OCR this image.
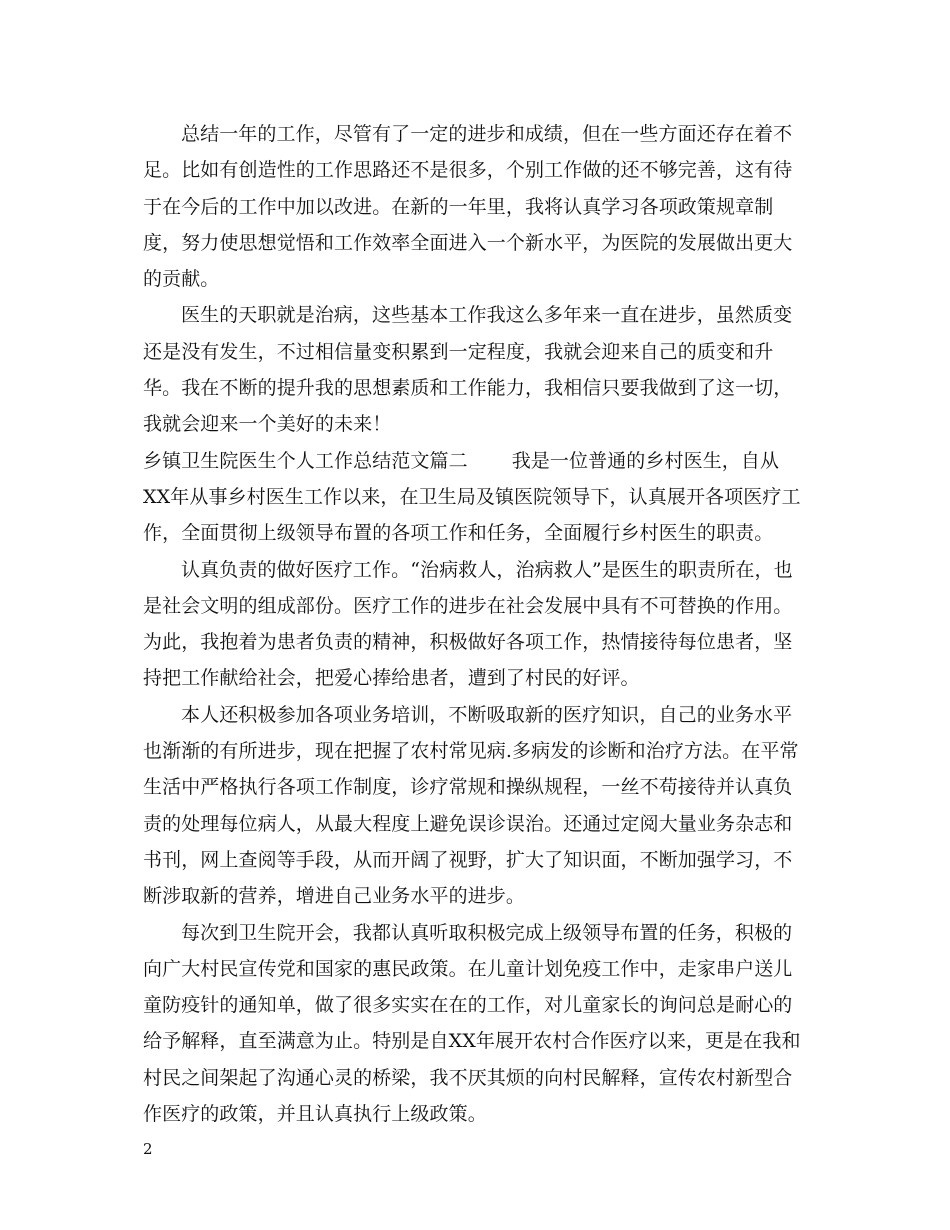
总结一年的工作，尽管有了一定的进步和成绩，但在一些方面还存在着不足。比如有创造性的工作思路还不是很多，个别工作做的还不够完善，这有待于在今后的工作中加以改进。在新的一年里，我将认真学习各项政策规章制度，努力使思想觉悟和工作效率全面进入一个新水平，为医院的发展做出更大的贡献。

医生的天职就是治病，这些基本工作我这么多年来一直在进步，虽然质变还是没有发生，不过相信量变积累到一定程度，我就会迎来自己的质变和升华。我在不断的提升我的思想素质和工作能力，我相信只要我做到了这一切，我就会迎来一个美好的未来！

乡镇卫生院医生个人工作总结范文篇二 我是一位普通的乡村医生，自从XX年从事乡村医生工作以来，在卫生局及镇医院领导下，认真展开各项医疗工作，全面贯彻上级领导布置的各项工作和任务，全面履行乡村医生的职责。

认真负责的做好医疗工作。“治病救人，治病救人”是医生的职责所在，也是社会文明的组成部份。医疗工作的进步在社会发展中具有不可替换的作用。为此，我抱着为患者负责的精神，积极做好各项工作，热情接待每位患者，坚持把工作献给社会，把爱心捧给患者，遭到了村民的好评。

本人还积极参加各项业务培训，不断吸取新的医疗知识，自己的业务水平也渐渐的有所进步，现在把握了农村常见病.多病发的诊断和治疗方法。在平常生活中严格执行各项工作制度，诊疗常规和操纵规程，一丝不苟接待并认真负责的处理每位病人，从最大程度上避免误诊误治。还通过定阅大量业务杂志和书刊，网上查阅等手段，从而开阔了视野，扩大了知识面，不断加强学习，不断涉取新的营养，增进自己业务水平的进步。

每次到卫生院开会，我都认真听取积极完成上级领导布置的任务，积极的向广大村民宣传党和国家的惠民政策。在儿童计划免疫工作中，走家串户送儿童防疫针的通知单，做了很多实实在在的工作，对儿童家长的询问总是耐心的给予解释，直至满意为止。特别是自XX年展开农村合作医疗以来，更是在我和村民之间架起了沟通心灵的桥梁，我不厌其烦的向村民解释，宣传农村新型合作医疗的政策，并且认真执行上级政策。

2
